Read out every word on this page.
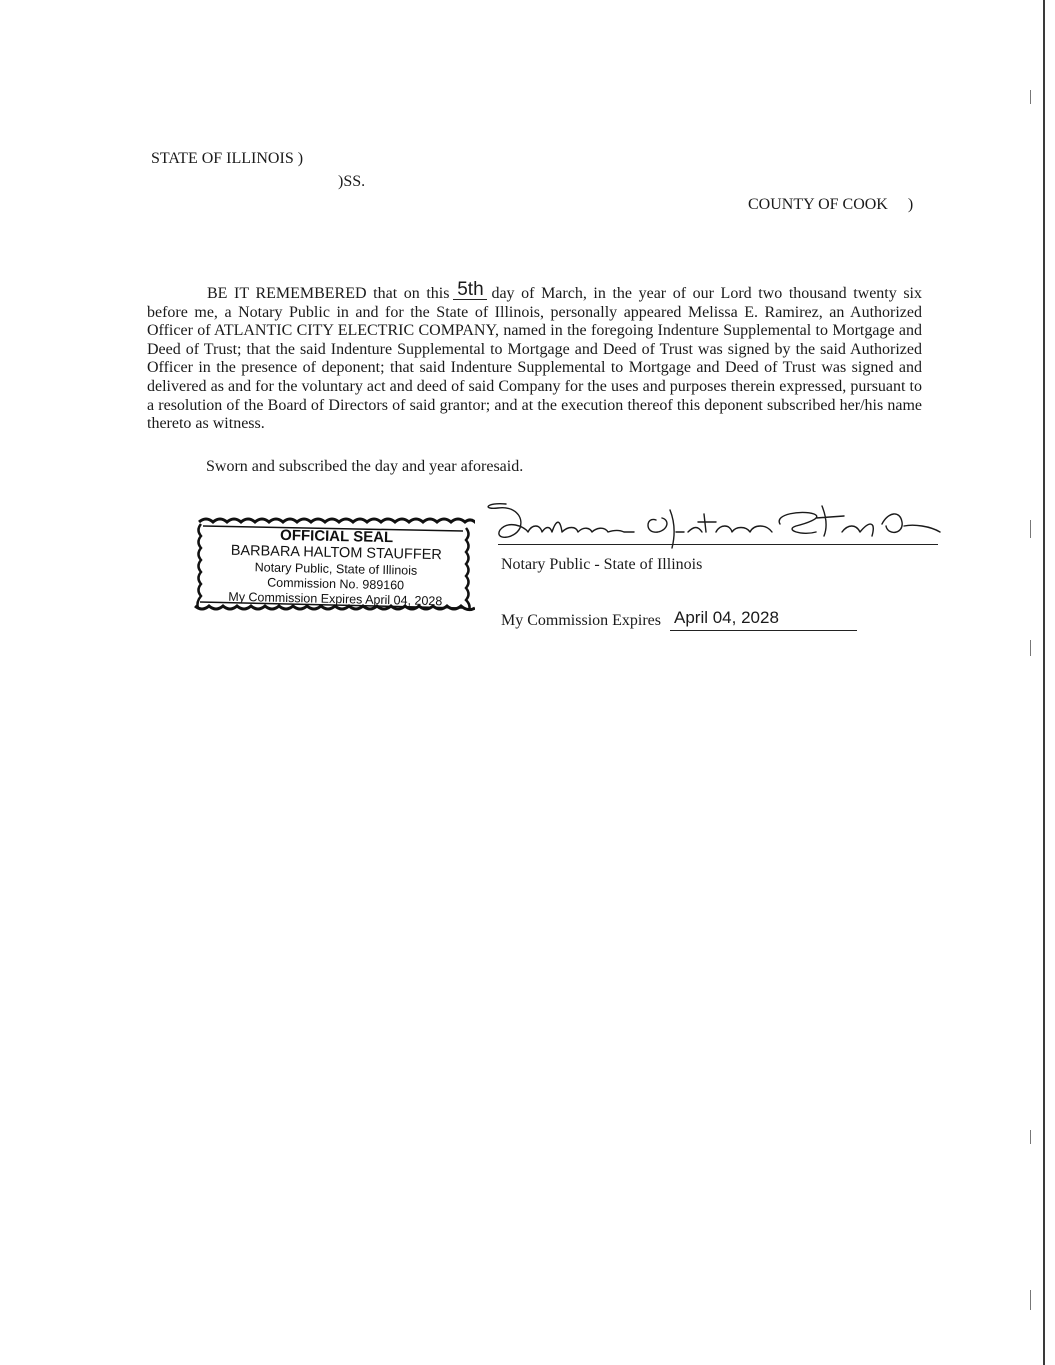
STATE OF ILLINOIS )
)SS.
COUNTY OF COOK )
BE IT REMEMBERED that on this 5th day of March, in the year of our Lord two thousand twenty six before me, a Notary Public in and for the State of Illinois, personally appeared Melissa E. Ramirez, an Authorized Officer of ATLANTIC CITY ELECTRIC COMPANY, named in the foregoing Indenture Supplemental to Mortgage and Deed of Trust; that the said Indenture Supplemental to Mortgage and Deed of Trust was signed by the said Authorized Officer in the presence of deponent; that said Indenture Supplemental to Mortgage and Deed of Trust was signed and delivered as and for the voluntary act and deed of said Company for the uses and purposes therein expressed, pursuant to a resolution of the Board of Directors of said grantor; and at the execution thereof this deponent subscribed her/his name thereto as witness.
Sworn and subscribed the day and year aforesaid.
OFFICIAL SEAL
BARBARA HALTOM STAUFFER
Notary Public, State of Illinois
Commission No. 989160
My Commission Expires April 04, 2028
Notary Public - State of Illinois
My Commission Expires April 04, 2028
